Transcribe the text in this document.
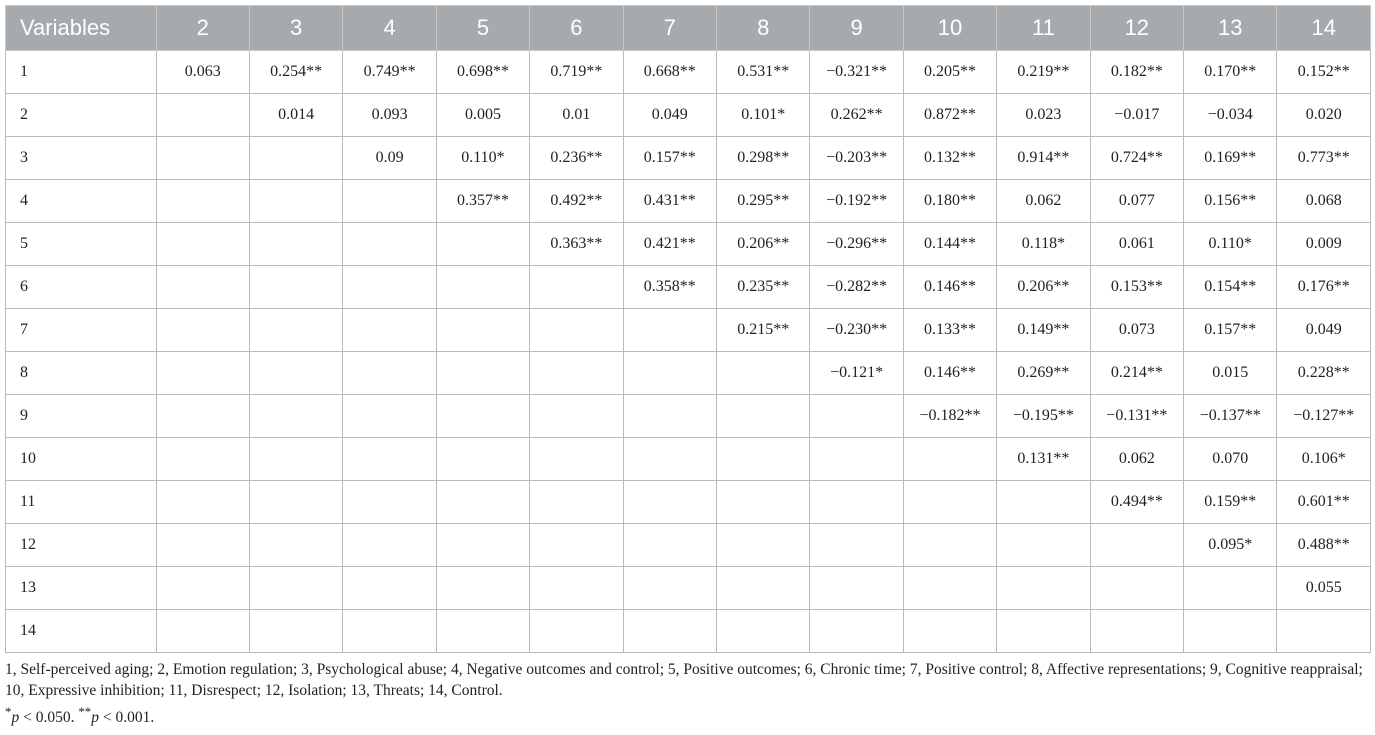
Variables	2	3	4	5	6	7	8	9	10	11	12	13	14
1	0.063	0.254**	0.749**	0.698**	0.719**	0.668**	0.531**	−0.321**	0.205**	0.219**	0.182**	0.170**	0.152**
2		0.014	0.093	0.005	0.01	0.049	0.101*	0.262**	0.872**	0.023	−0.017	−0.034	0.020
3			0.09	0.110*	0.236**	0.157**	0.298**	−0.203**	0.132**	0.914**	0.724**	0.169**	0.773**
4				0.357**	0.492**	0.431**	0.295**	−0.192**	0.180**	0.062	0.077	0.156**	0.068
5					0.363**	0.421**	0.206**	−0.296**	0.144**	0.118*	0.061	0.110*	0.009
6						0.358**	0.235**	−0.282**	0.146**	0.206**	0.153**	0.154**	0.176**
7							0.215**	−0.230**	0.133**	0.149**	0.073	0.157**	0.049
8								−0.121*	0.146**	0.269**	0.214**	0.015	0.228**
9									−0.182**	−0.195**	−0.131**	−0.137**	−0.127**
10										0.131**	0.062	0.070	0.106*
11											0.494**	0.159**	0.601**
12												0.095*	0.488**
13													0.055
14													

1, Self-perceived aging; 2, Emotion regulation; 3, Psychological abuse; 4, Negative outcomes and control; 5, Positive outcomes; 6, Chronic time; 7, Positive control; 8, Affective representations; 9, Cognitive reappraisal; 10, Expressive inhibition; 11, Disrespect; 12, Isolation; 13, Threats; 14, Control.

*p < 0.050. **p < 0.001.
